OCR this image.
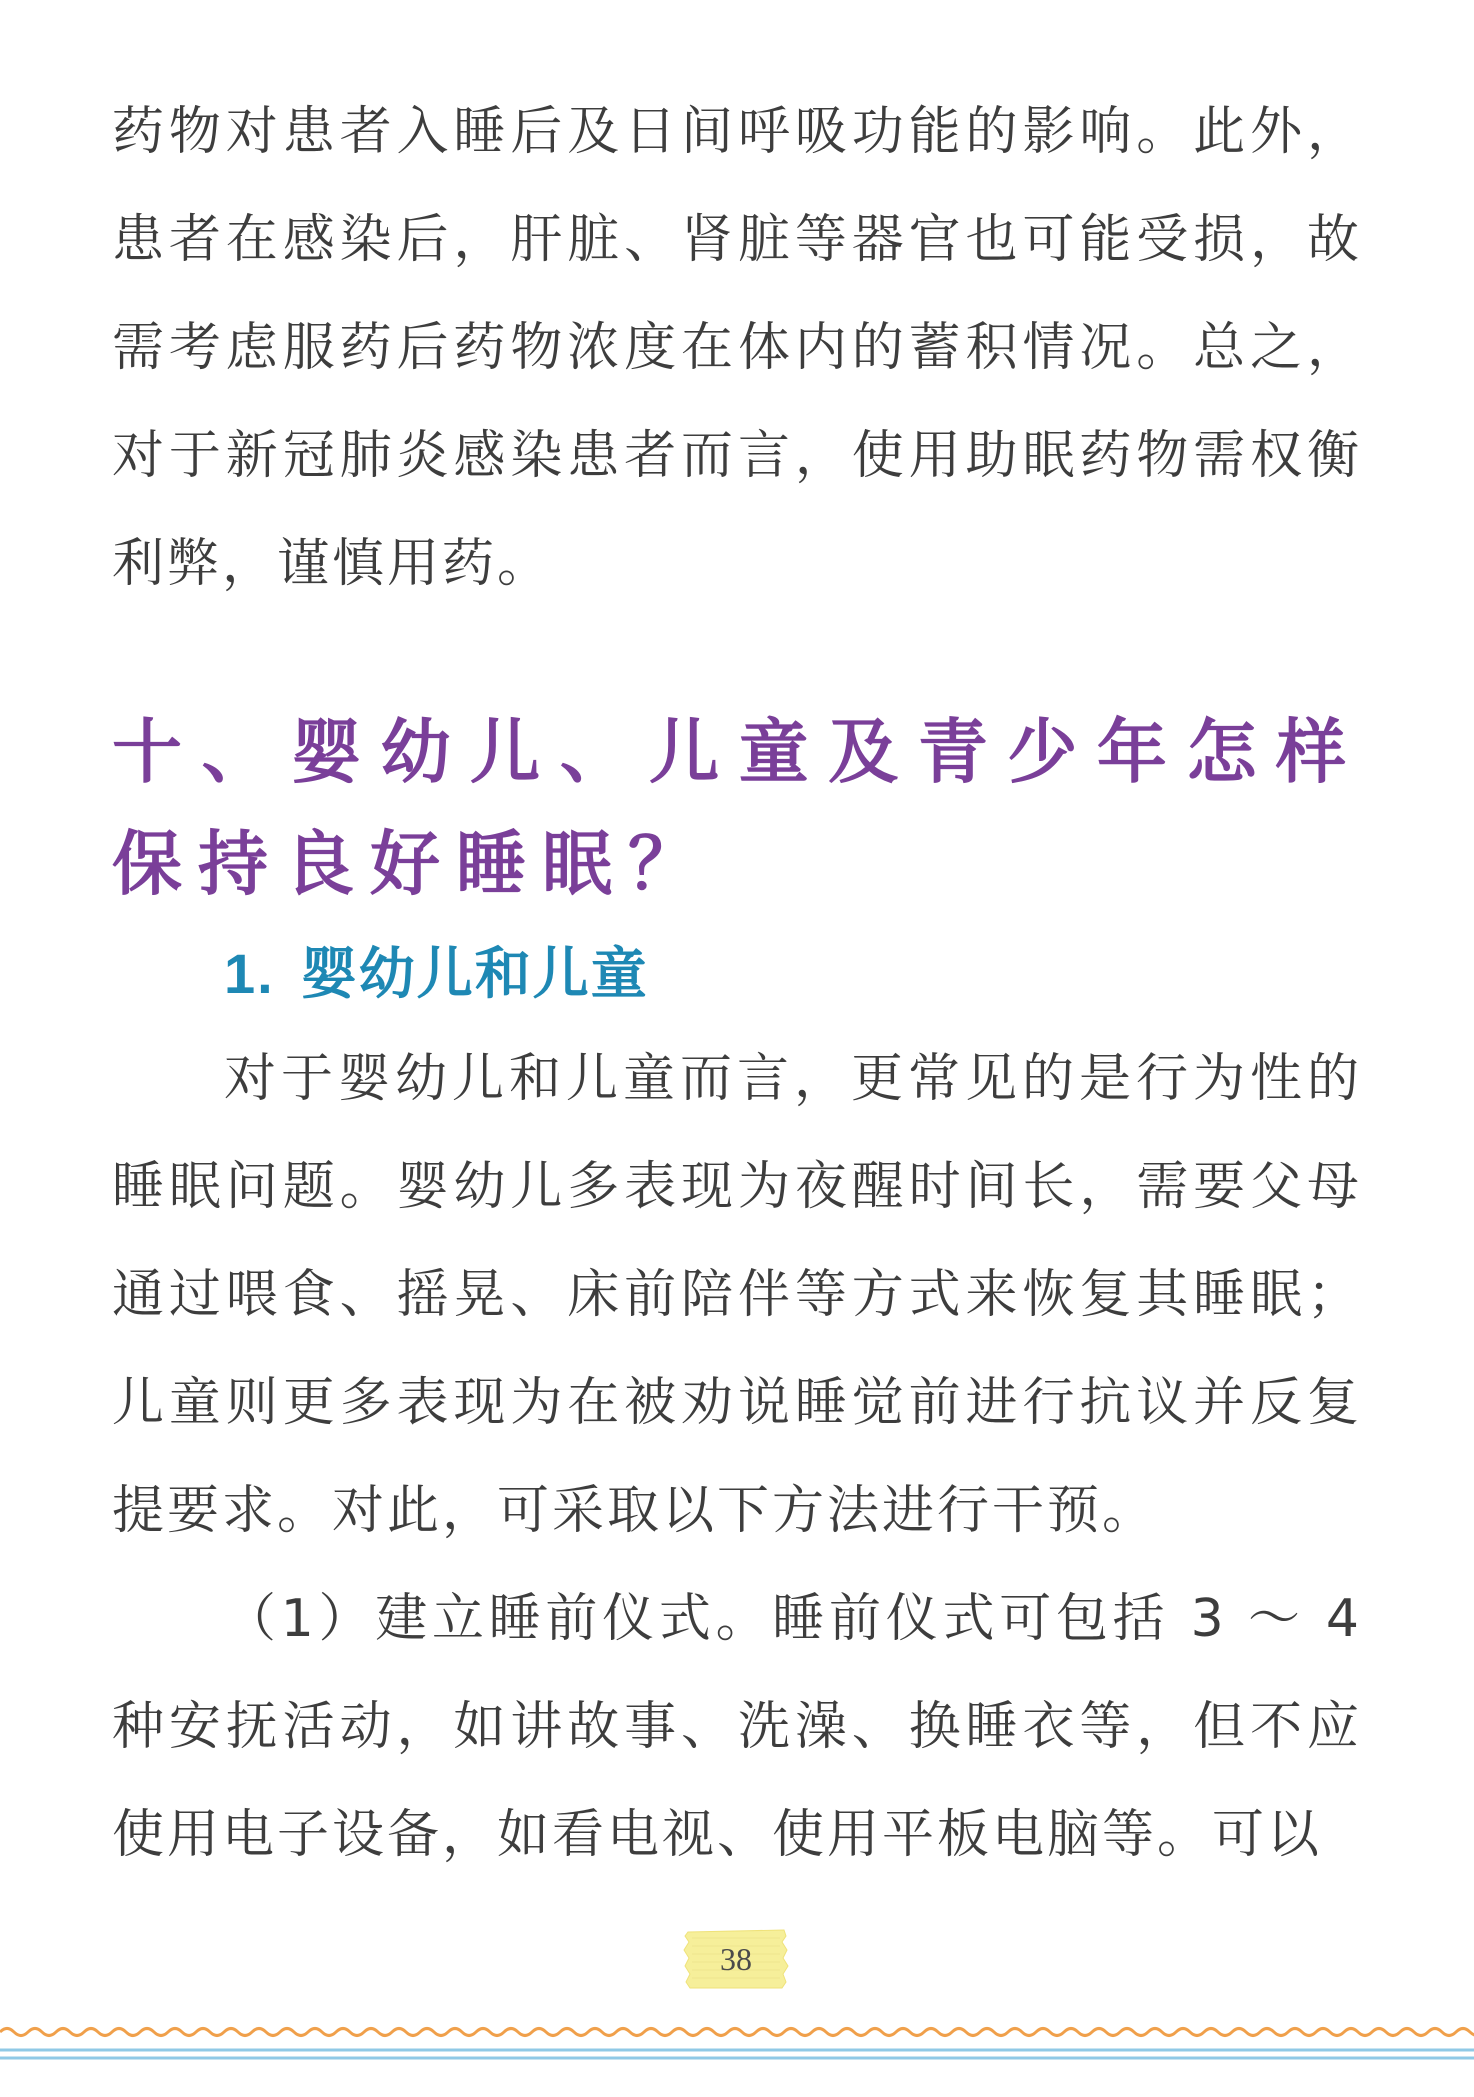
药物对患者入睡后及日间呼吸功能的影响。此外，患者在感染后，肝脏、肾脏等器官也可能受损，故需考虑服药后药物浓度在体内的蓄积情况。总之，对于新冠肺炎感染患者而言，使用助眠药物需权衡利弊，谨慎用药。

十、婴幼儿、儿童及青少年怎样保持良好睡眠？
1. 婴幼儿和儿童

对于婴幼儿和儿童而言，更常见的是行为性的睡眠问题。婴幼儿多表现为夜醒时间长，需要父母通过喂食、摇晃、床前陪伴等方式来恢复其睡眠；儿童则更多表现为在被劝说睡觉前进行抗议并反复提要求。对此，可采取以下方法进行干预。

（1）建立睡前仪式。睡前仪式可包括 3 ～ 4 种安抚活动，如讲故事、洗澡、换睡衣等，但不应使用电子设备，如看电视、使用平板电脑等。可以

38
